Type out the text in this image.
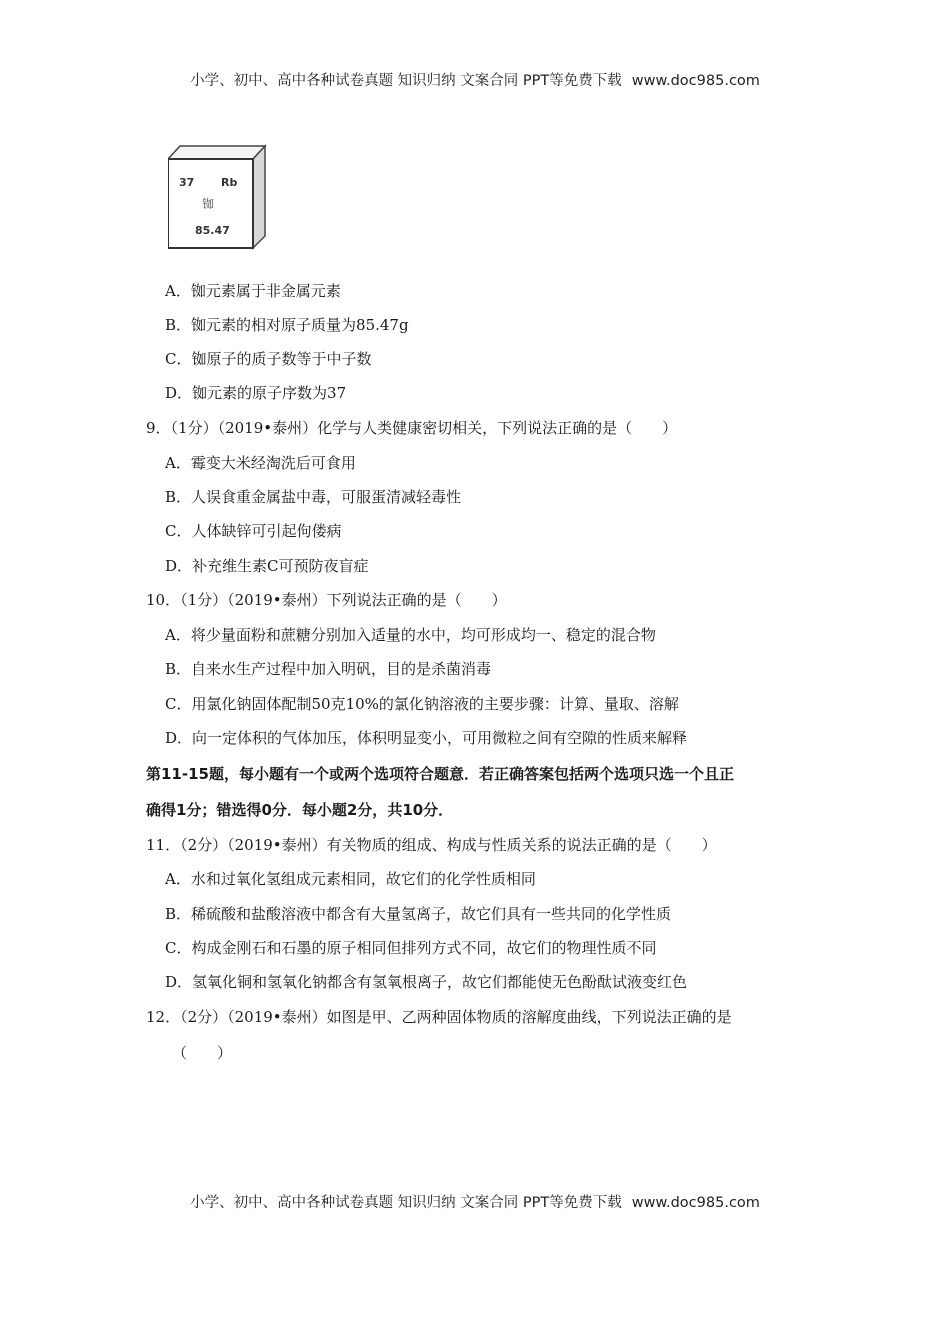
小学、初中、高中各种试卷真题 知识归纳 文案合同 PPT等免费下载 www.doc985.com
37 Rb
铷
85.47
A．铷元素属于非金属元素
B．铷元素的相对原子质量为85.47g
C．铷原子的质子数等于中子数
D．铷元素的原子序数为37
9．（1分）（2019•泰州）化学与人类健康密切相关，下列说法正确的是（　　）
A．霉变大米经淘洗后可食用
B．人误食重金属盐中毒，可服蛋清减轻毒性
C．人体缺锌可引起佝偻病
D．补充维生素C可预防夜盲症
10．（1分）（2019•泰州）下列说法正确的是（　　）
A．将少量面粉和蔗糖分别加入适量的水中，均可形成均一、稳定的混合物
B．自来水生产过程中加入明矾，目的是杀菌消毒
C．用氯化钠固体配制50克10%的氯化钠溶液的主要步骤：计算、量取、溶解
D．向一定体积的气体加压，体积明显变小，可用微粒之间有空隙的性质来解释
第11-15题，每小题有一个或两个选项符合题意．若正确答案包括两个选项只选一个且正
确得1分；错选得0分．每小题2分，共10分．
11．（2分）（2019•泰州）有关物质的组成、构成与性质关系的说法正确的是（　　）
A．水和过氧化氢组成元素相同，故它们的化学性质相同
B．稀硫酸和盐酸溶液中都含有大量氢离子，故它们具有一些共同的化学性质
C．构成金刚石和石墨的原子相同但排列方式不同，故它们的物理性质不同
D．氢氧化铜和氢氧化钠都含有氢氧根离子，故它们都能使无色酚酞试液变红色
12．（2分）（2019•泰州）如图是甲、乙两种固体物质的溶解度曲线，下列说法正确的是
（　　）
小学、初中、高中各种试卷真题 知识归纳 文案合同 PPT等免费下载 www.doc985.com
